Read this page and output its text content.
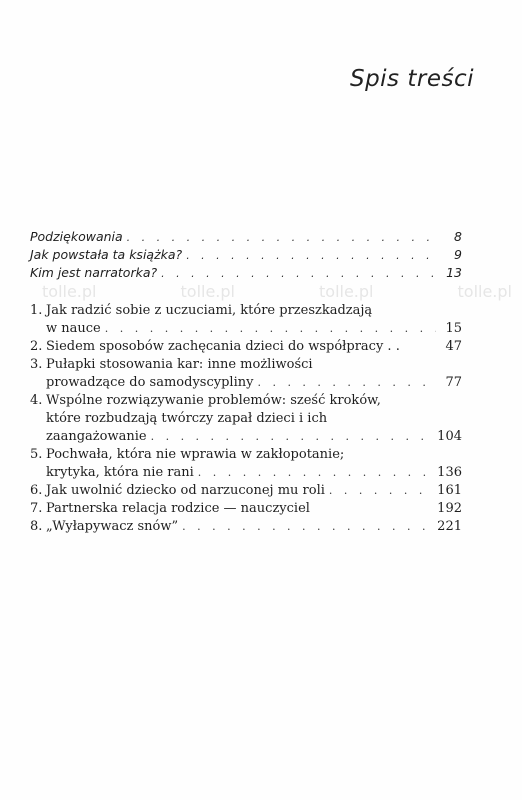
Spis treści
tolle.pl	tolle.pl	tolle.pl	tolle.pl
Podziękowania . . .	8
Jak powstała ta książka? . . .	9
Kim jest narratorka? . . .	13
1. Jak radzić sobie z uczuciami, które przeszkadzają
w nauce . . .	15
2. Siedem sposobów zachęcania dzieci do współpracy . .	47
3. Pułapki stosowania kar: inne możliwości
prowadzące do samodyscypliny . . .	77
4. Wspólne rozwiązywanie problemów: sześć kroków,
które rozbudzają twórczy zapał dzieci i ich
zaangażowanie . . .	104
5. Pochwała, która nie wprawia w zakłopotanie;
krytyka, która nie rani . . .	136
6. Jak uwolnić dziecko od narzuconej mu roli . . .	161
7. Partnerska relacja rodzice — nauczyciel	192
8. „Wyłapywacz snów” . . .	221
